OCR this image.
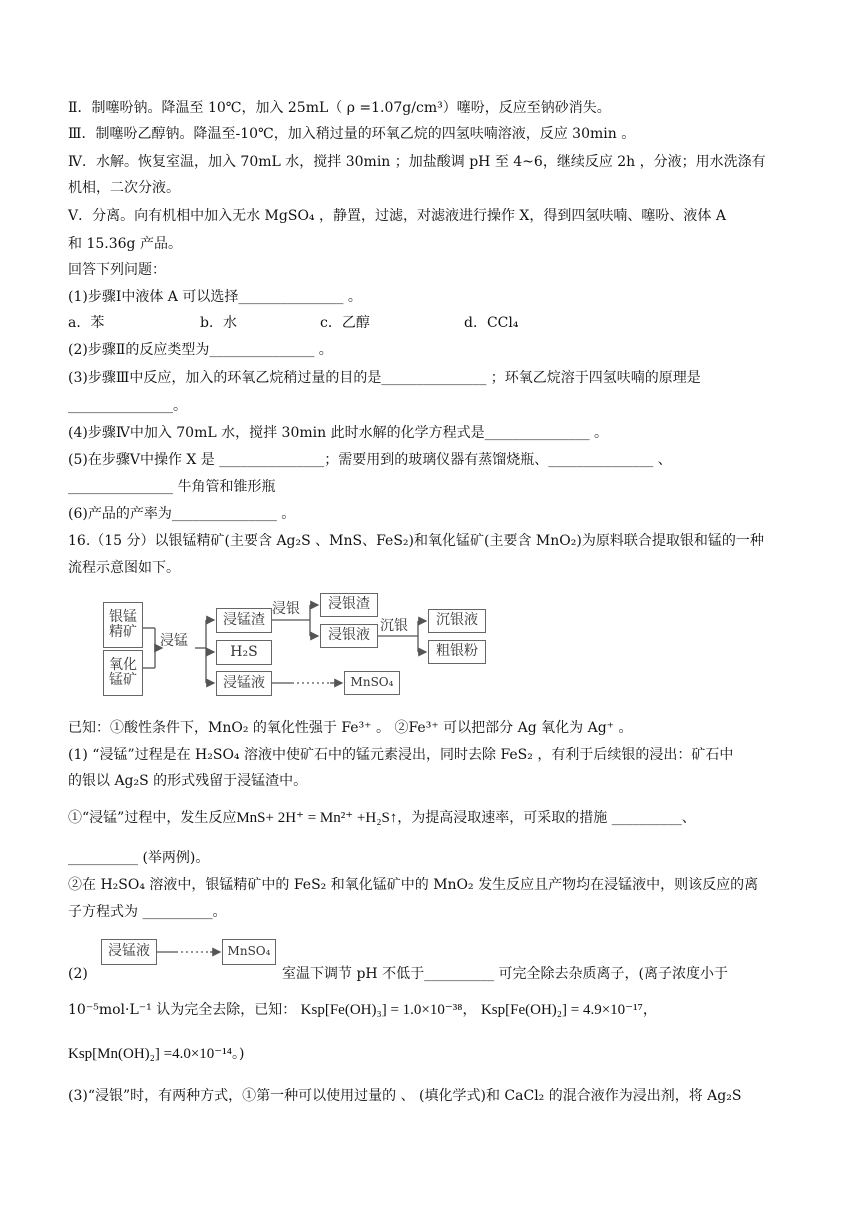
Ⅱ．制噻吩钠。降温至 10℃，加入 25mL（ ρ =1.07g/cm³）噻吩，反应至钠砂消失。
Ⅲ．制噻吩乙醇钠。降温至-10℃，加入稍过量的环氧乙烷的四氢呋喃溶液，反应 30min 。
Ⅳ．水解。恢复室温，加入 70mL 水，搅拌 30min ；加盐酸调 pH 至 4~6，继续反应 2h ，分液；用水洗涤有
机相，二次分液。
Ⅴ．分离。向有机相中加入无水 MgSO₄ ，静置，过滤，对滤液进行操作 X，得到四氢呋喃、噻吩、液体 A
和 15.36g 产品。
回答下列问题：
(1)步骤Ⅰ中液体 A 可以选择_______________ 。
a．苯	b．水	c．乙醇	d．CCl₄
(2)步骤Ⅱ的反应类型为_______________ 。
(3)步骤Ⅲ中反应，加入的环氧乙烷稍过量的目的是_______________ ；环氧乙烷溶于四氢呋喃的原理是
_______________。
(4)步骤Ⅳ中加入 70mL 水，搅拌 30min 此时水解的化学方程式是_______________ 。
(5)在步骤Ⅴ中操作 X 是 _______________；需要用到的玻璃仪器有蒸馏烧瓶、_______________ 、
_______________ 牛角管和锥形瓶
(6)产品的产率为_______________ 。
16.（15 分）以银锰精矿(主要含 Ag₂S 、MnS、FeS₂)和氧化锰矿(主要含 MnO₂)为原料联合提取银和锰的一种
流程示意图如下。
银锰
精矿
氧化
锰矿
浸锰
浸锰渣
H₂S
浸锰液
浸银	浸银渣
浸银液
沉银	沉银液
粗银粉
MnSO₄
已知：①酸性条件下，MnO₂ 的氧化性强于 Fe³⁺ 。 ②Fe³⁺ 可以把部分 Ag 氧化为 Ag⁺ 。
(1) “浸锰”过程是在 H₂SO₄ 溶液中使矿石中的锰元素浸出，同时去除 FeS₂ ，有利于后续银的浸出：矿石中
的银以 Ag₂S 的形式残留于浸锰渣中。
①“浸锰”过程中，发生反应MnS+ 2H⁺ = Mn²⁺ +H₂S↑，为提高浸取速率，可采取的措施 __________、
__________ (举两例)。
②在 H₂SO₄ 溶液中，银锰精矿中的 FeS₂ 和氧化锰矿中的 MnO₂ 发生反应且产物均在浸锰液中，则该反应的离
子方程式为 __________。
浸锰液	MnSO₄
(2)	室温下调节 pH 不低于__________ 可完全除去杂质离子，(离子浓度小于
10⁻⁵mol·L⁻¹ 认为完全去除，已知： Ksp[Fe(OH)₃] = 1.0×10⁻³⁸， Ksp[Fe(OH)₂] = 4.9×10⁻¹⁷，
Ksp[Mn(OH)₂] =4.0×10⁻¹⁴。)
(3)“浸银”时，有两种方式，①第一种可以使用过量的 、 (填化学式)和 CaCl₂ 的混合液作为浸出剂，将 Ag₂S
